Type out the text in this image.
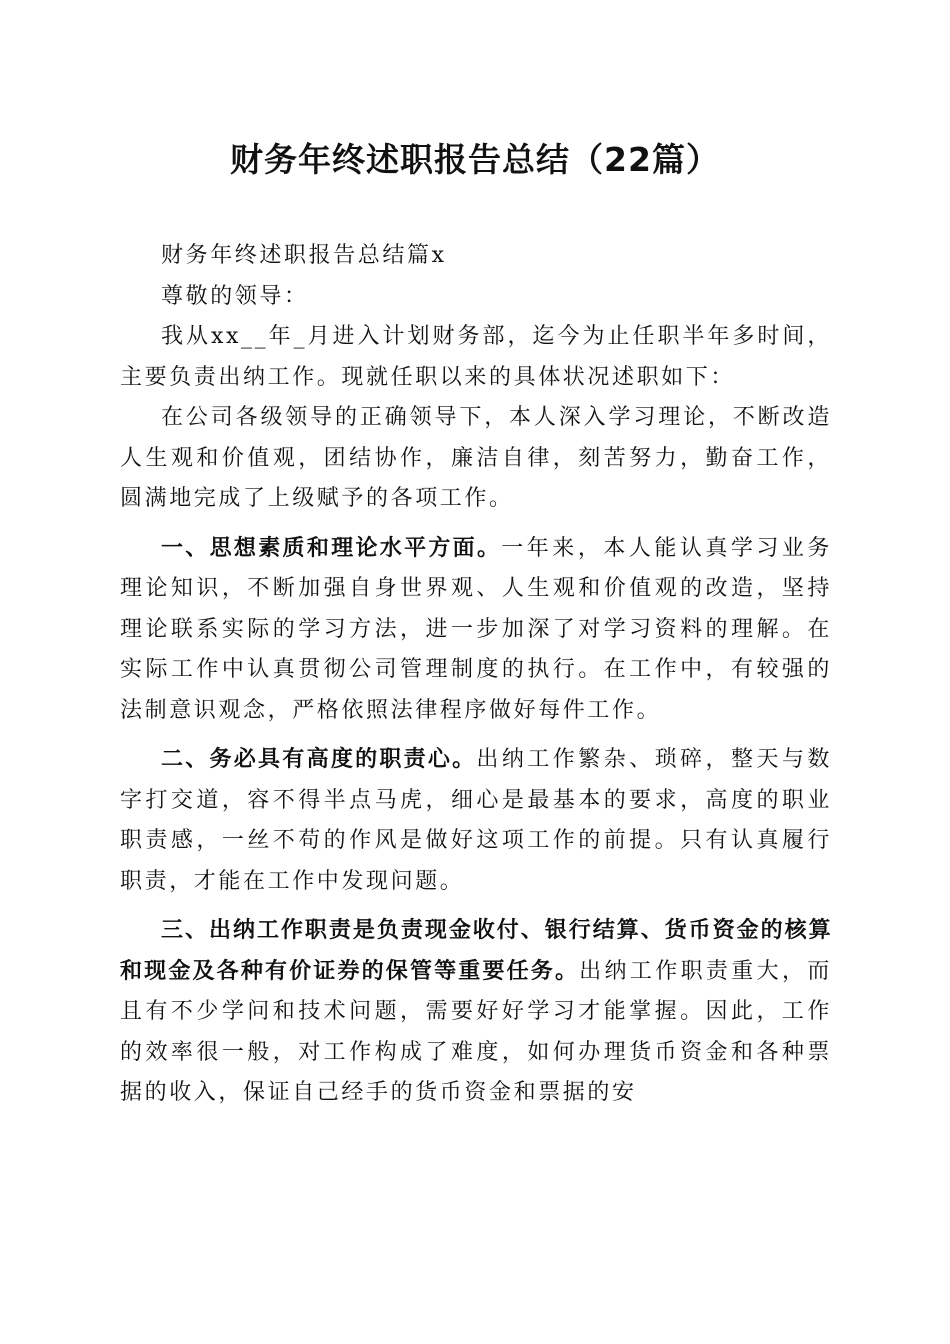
财务年终述职报告总结（22篇）

财务年终述职报告总结篇x

尊敬的领导：

我从xx__年_月进入计划财务部，迄今为止任职半年多时间，主要负责出纳工作。现就任职以来的具体状况述职如下：

在公司各级领导的正确领导下，本人深入学习理论，不断改造人生观和价值观，团结协作，廉洁自律，刻苦努力，勤奋工作，圆满地完成了上级赋予的各项工作。

一、思想素质和理论水平方面。一年来，本人能认真学习业务理论知识，不断加强自身世界观、人生观和价值观的改造，坚持理论联系实际的学习方法，进一步加深了对学习资料的理解。在实际工作中认真贯彻公司管理制度的执行。在工作中，有较强的法制意识观念，严格依照法律程序做好每件工作。

二、务必具有高度的职责心。出纳工作繁杂、琐碎，整天与数字打交道，容不得半点马虎，细心是最基本的要求，高度的职业职责感，一丝不苟的作风是做好这项工作的前提。只有认真履行职责，才能在工作中发现问题。

三、出纳工作职责是负责现金收付、银行结算、货币资金的核算和现金及各种有价证券的保管等重要任务。出纳工作职责重大，而且有不少学问和技术问题，需要好好学习才能掌握。因此，工作的效率很一般，对工作构成了难度，如何办理货币资金和各种票据的收入，保证自己经手的货币资金和票据的安
